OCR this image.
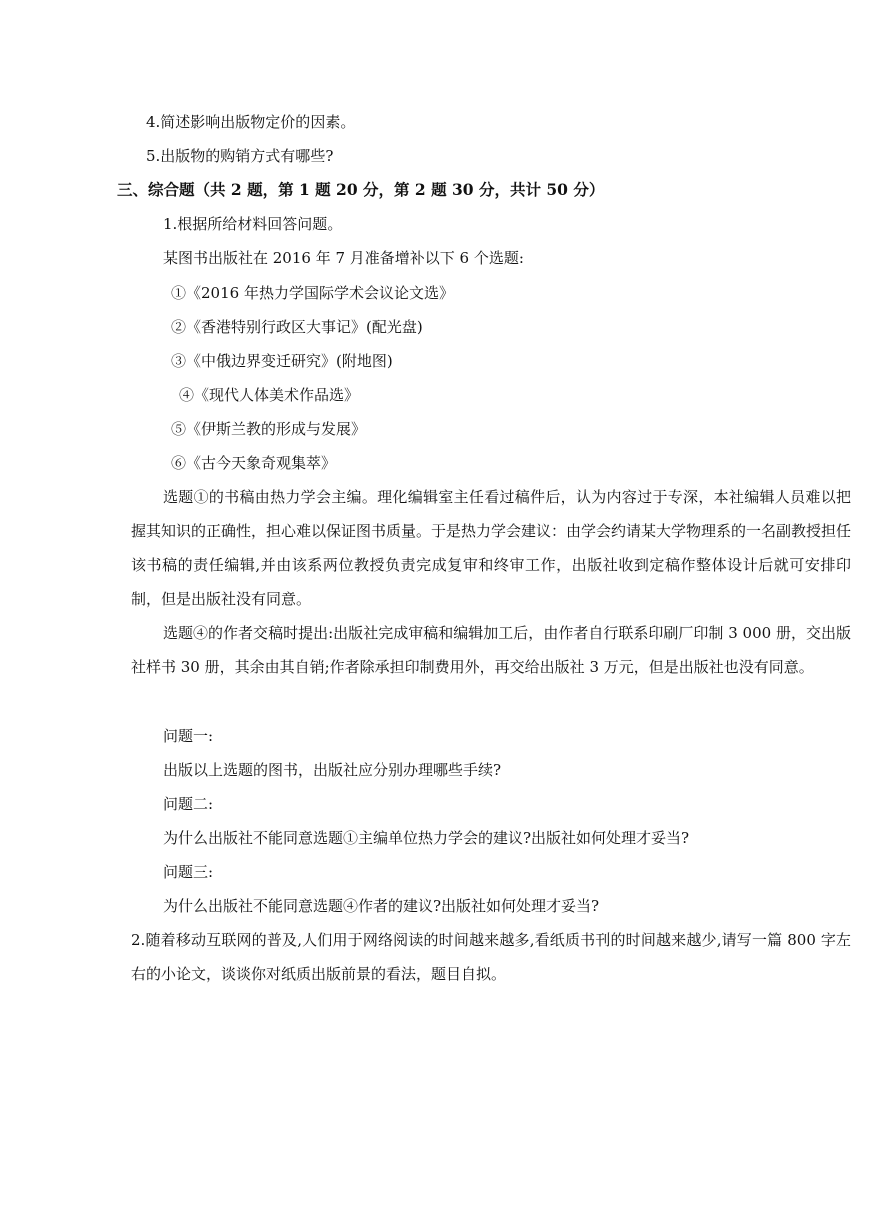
4.简述影响出版物定价的因素。
5.出版物的购销方式有哪些?
三、综合题（共 2 题，第 1 题 20 分，第 2 题 30 分，共计 50 分）
1.根据所给材料回答问题。
某图书出版社在 2016 年 7 月准备增补以下 6 个选题:
①《2016 年热力学国际学术会议论文选》
②《香港特别行政区大事记》(配光盘)
③《中俄边界变迁研究》(附地图)
④《现代人体美术作品选》
⑤《伊斯兰教的形成与发展》
⑥《古今天象奇观集萃》
选题①的书稿由热力学会主编。理化编辑室主任看过稿件后，认为内容过于专深，本社编辑人员难以把握其知识的正确性，担心难以保证图书质量。于是热力学会建议：由学会约请某大学物理系的一名副教授担任该书稿的责任编辑,并由该系两位教授负责完成复审和终审工作，出版社收到定稿作整体设计后就可安排印制，但是出版社没有同意。
选题④的作者交稿时提出:出版社完成审稿和编辑加工后，由作者自行联系印刷厂印制 3 000 册，交出版社样书 30 册，其余由其自销;作者除承担印制费用外，再交给出版社 3 万元，但是出版社也没有同意。
问题一:
出版以上选题的图书，出版社应分别办理哪些手续?
问题二:
为什么出版社不能同意选题①主编单位热力学会的建议?出版社如何处理才妥当?
问题三:
为什么出版社不能同意选题④作者的建议?出版社如何处理才妥当?
2.随着移动互联网的普及,人们用于网络阅读的时间越来越多,看纸质书刊的时间越来越少,请写一篇 800 字左右的小论文，谈谈你对纸质出版前景的看法，题目自拟。
